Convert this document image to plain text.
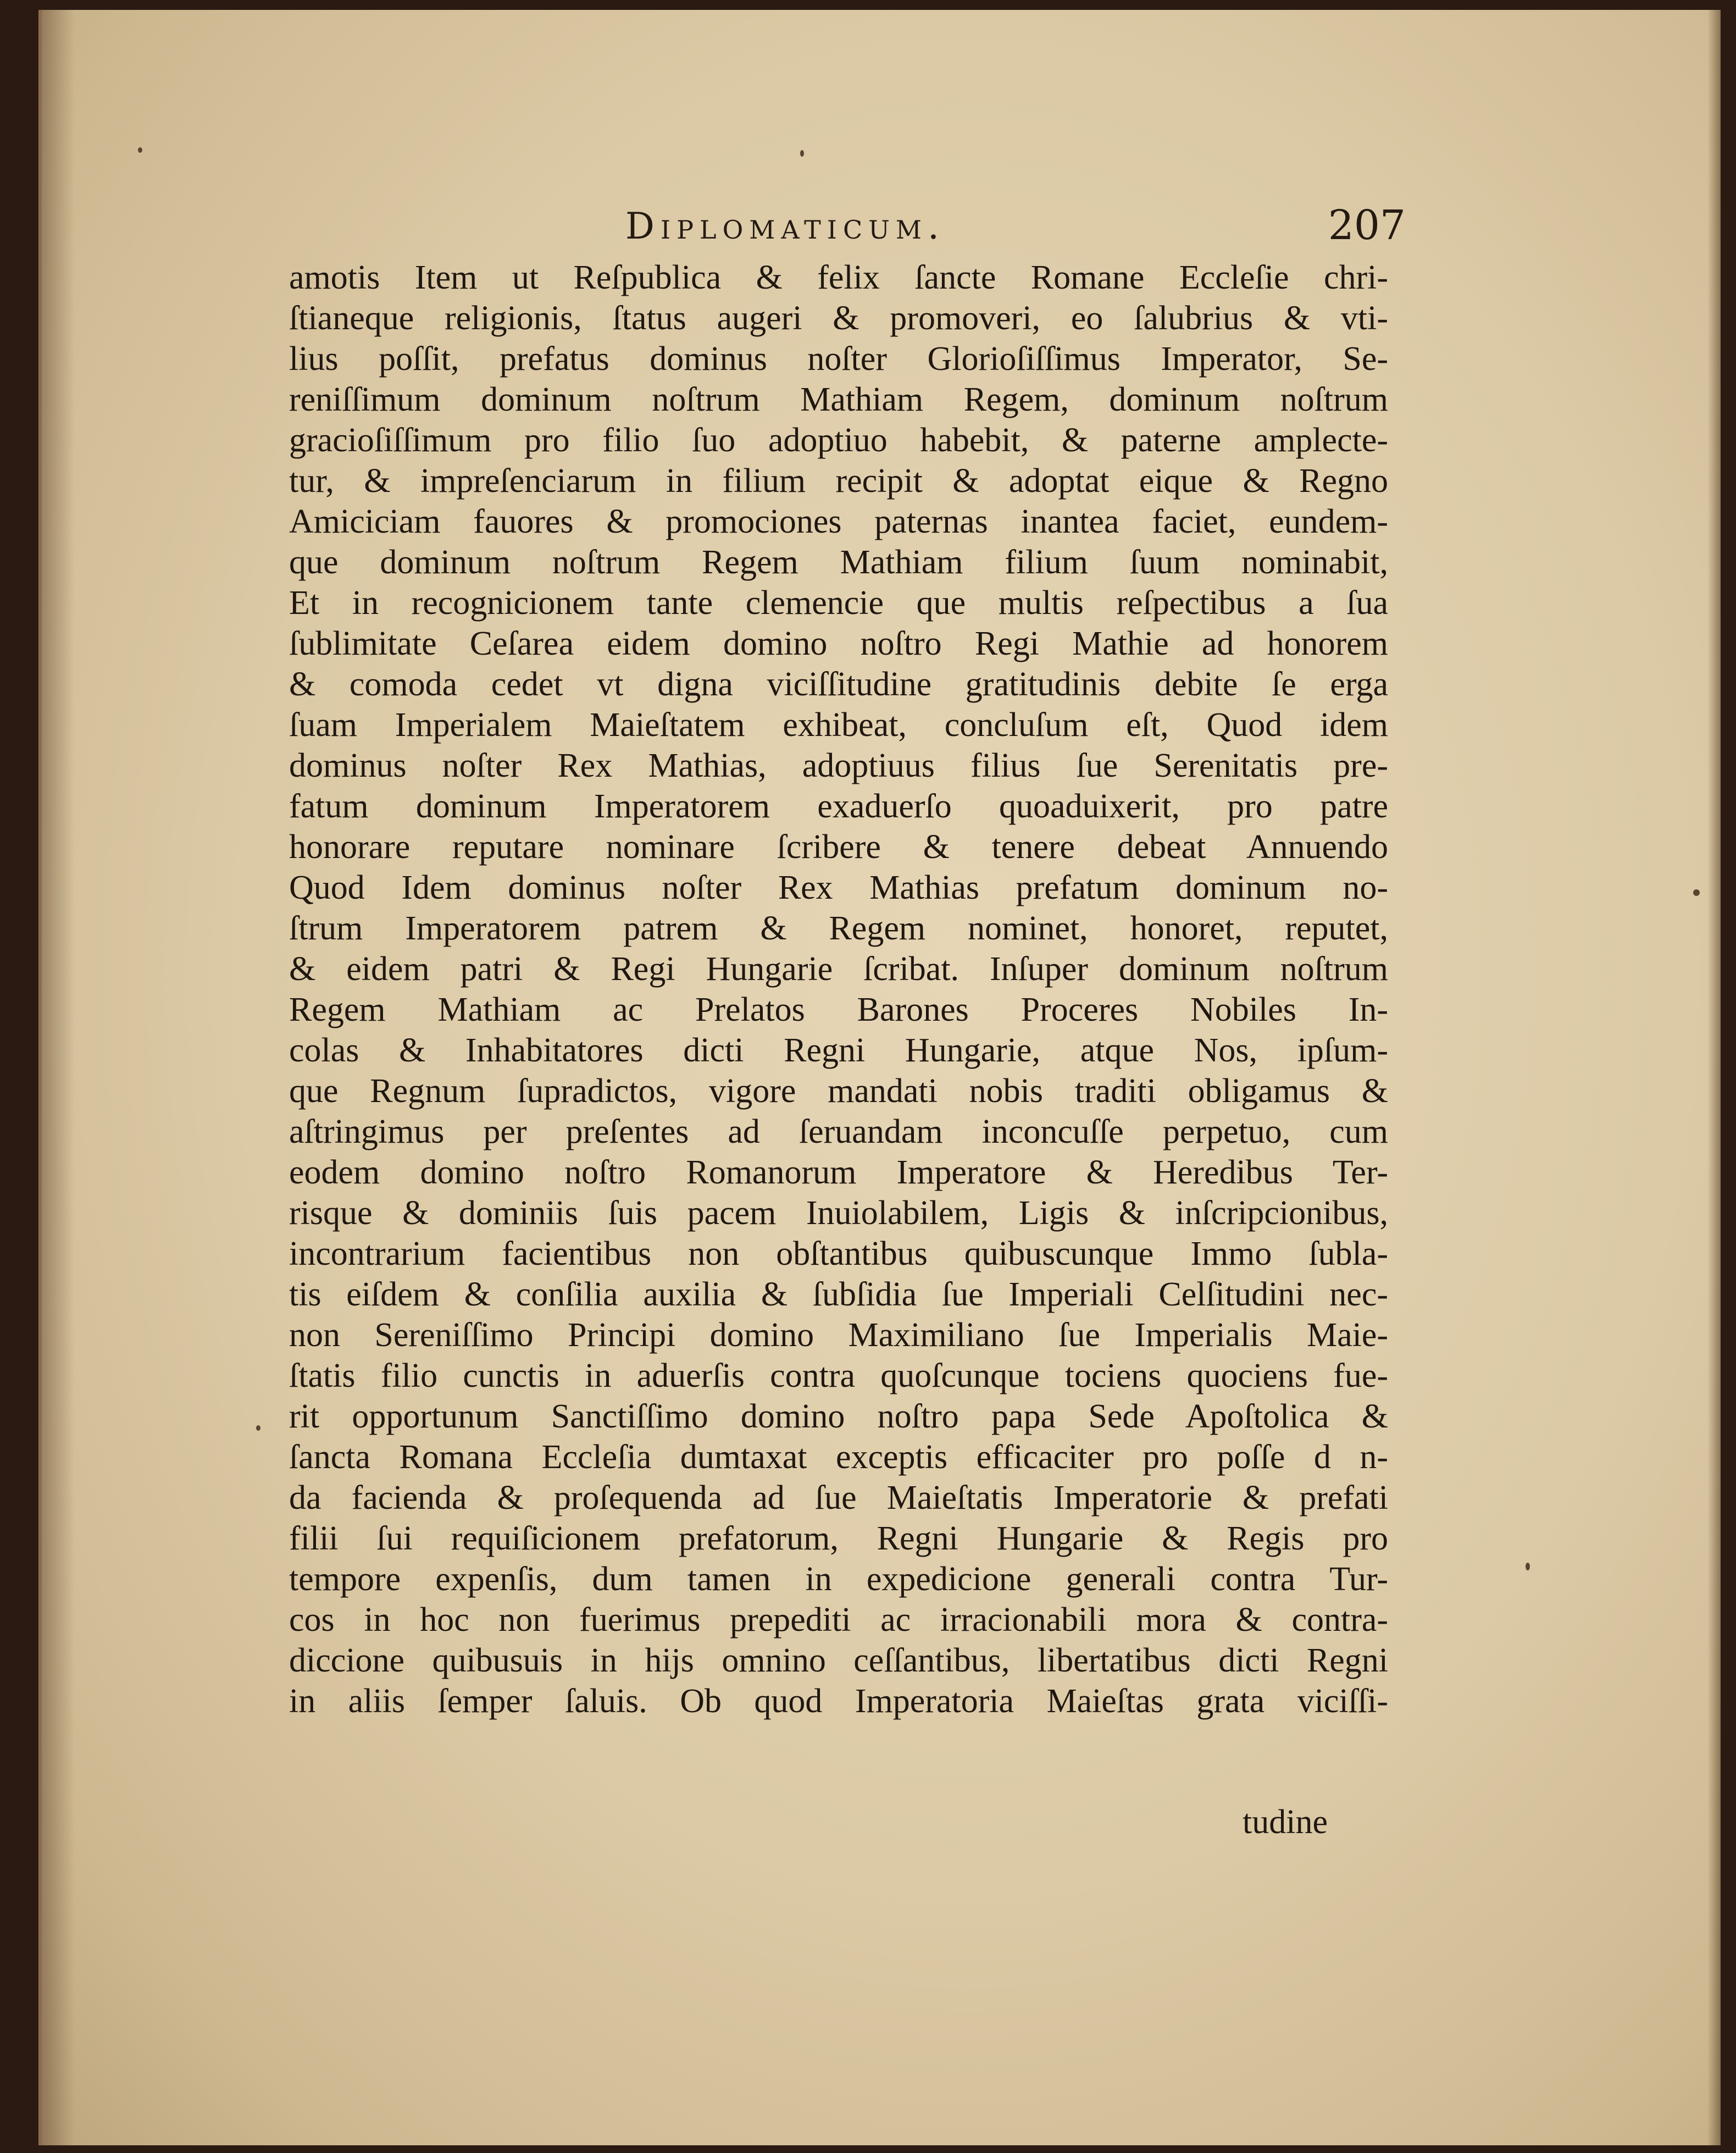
Diplomaticum.	207
amotis Item ut Reſpublica & felix ſancte Romane Eccleſie chri-
ſtianeque religionis, ſtatus augeri & promoveri, eo ſalubrius & vti-
lius poſſit, prefatus dominus noſter Glorioſiſſimus Imperator, Se-
reniſſimum dominum noſtrum Mathiam Regem, dominum noſtrum
gracioſiſſimum pro filio ſuo adoptiuo habebit, & paterne amplecte-
tur, & impreſenciarum in filium recipit & adoptat eique & Regno
Amiciciam fauores & promociones paternas inantea faciet, eundem-
que dominum noſtrum Regem Mathiam filium ſuum nominabit,
Et in recognicionem tante clemencie que multis reſpectibus a ſua
ſublimitate Ceſarea eidem domino noſtro Regi Mathie ad honorem
& comoda cedet vt digna viciſſitudine gratitudinis debite ſe erga
ſuam Imperialem Maieſtatem exhibeat, concluſum eſt, Quod idem
dominus noſter Rex Mathias, adoptiuus filius ſue Serenitatis pre-
fatum dominum Imperatorem exaduerſo quoaduixerit, pro patre
honorare reputare nominare ſcribere & tenere debeat Annuendo
Quod Idem dominus noſter Rex Mathias prefatum dominum no-
ſtrum Imperatorem patrem & Regem nominet, honoret, reputet,
& eidem patri & Regi Hungarie ſcribat. Inſuper dominum noſtrum
Regem Mathiam ac Prelatos Barones Proceres Nobiles In-
colas & Inhabitatores dicti Regni Hungarie, atque Nos, ipſum-
que Regnum ſupradictos, vigore mandati nobis traditi obligamus &
aſtringimus per preſentes ad ſeruandam inconcuſſe perpetuo, cum
eodem domino noſtro Romanorum Imperatore & Heredibus Ter-
risque & dominiis ſuis pacem Inuiolabilem, Ligis & inſcripcionibus,
incontrarium facientibus non obſtantibus quibuscunque Immo ſubla-
tis eiſdem & conſilia auxilia & ſubſidia ſue Imperiali Celſitudini nec-
non Sereniſſimo Principi domino Maximiliano ſue Imperialis Maie-
ſtatis filio cunctis in aduerſis contra quoſcunque tociens quociens fue-
rit opportunum Sanctiſſimo domino noſtro papa Sede Apoſtolica &
ſancta Romana Eccleſia dumtaxat exceptis efficaciter pro poſſe d n-
da facienda & proſequenda ad ſue Maieſtatis Imperatorie & prefati
filii ſui requiſicionem prefatorum, Regni Hungarie & Regis pro
tempore expenſis, dum tamen in expedicione generali contra Tur-
cos in hoc non fuerimus prepediti ac irracionabili mora & contra-
diccione quibusuis in hijs omnino ceſſantibus, libertatibus dicti Regni
in aliis ſemper ſaluis. Ob quod Imperatoria Maieſtas grata viciſſi-
tudine
